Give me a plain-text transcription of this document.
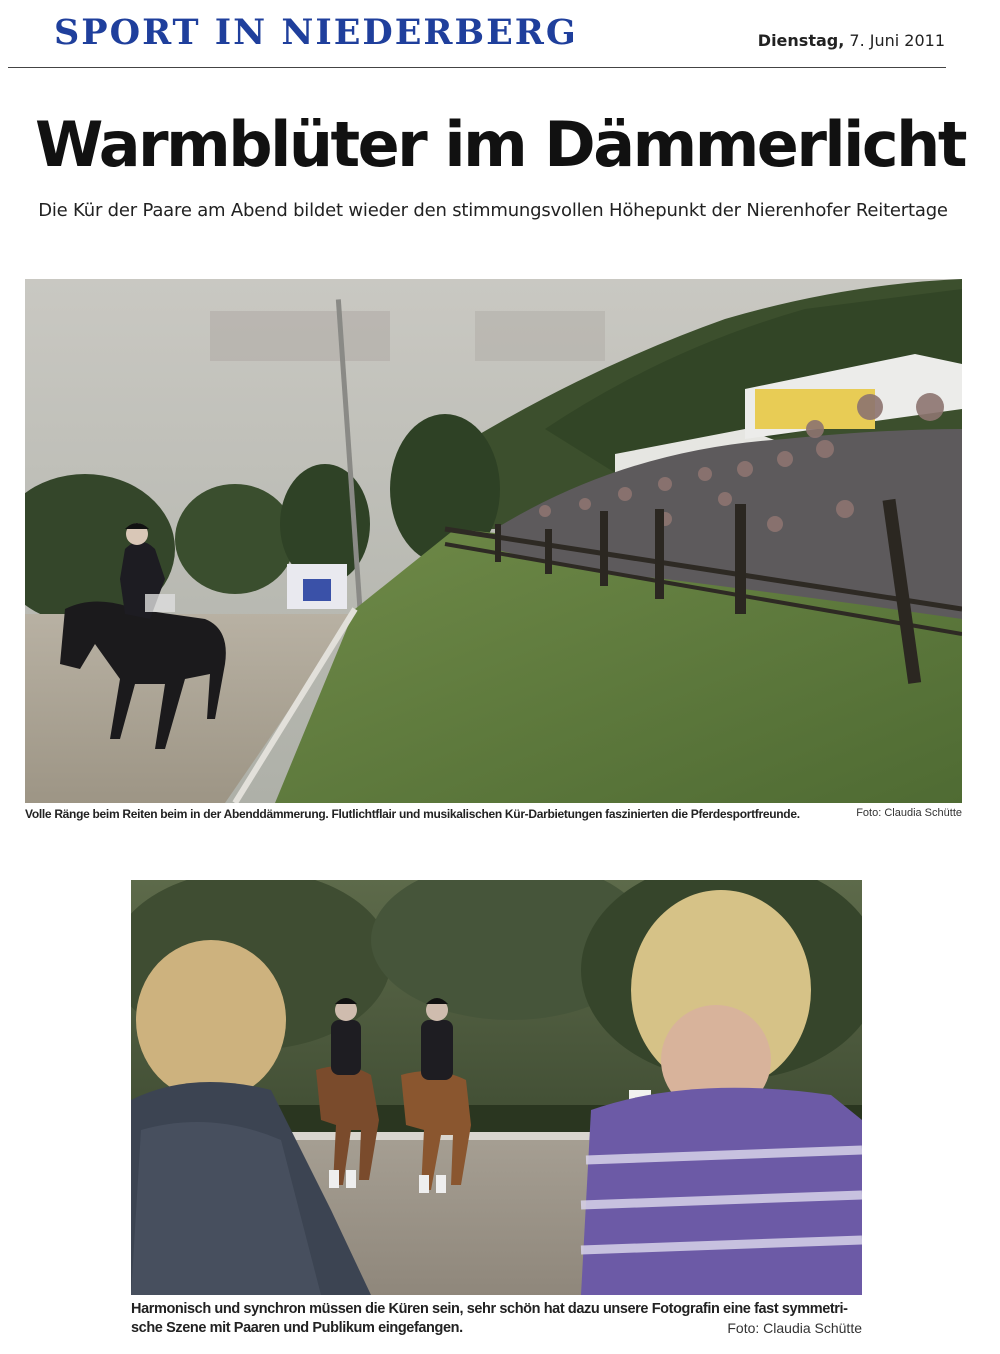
SPORT IN NIEDERBERG	Dienstag, 7. Juni 2011
Warmblüter im Dämmerlicht
Die Kür der Paare am Abend bildet wieder den stimmungsvollen Höhepunkt der Nierenhofer Reitertage
Volle Ränge beim Reiten beim in der Abenddämmerung. Flutlichtflair und musikalischen Kür-Darbietungen faszinierten die Pferdesportfreunde.	Foto: Claudia Schütte
Harmonisch und synchron müssen die Küren sein, sehr schön hat dazu unsere Fotografin eine fast symmetri-
sche Szene mit Paaren und Publikum eingefangen.	Foto: Claudia Schütte
